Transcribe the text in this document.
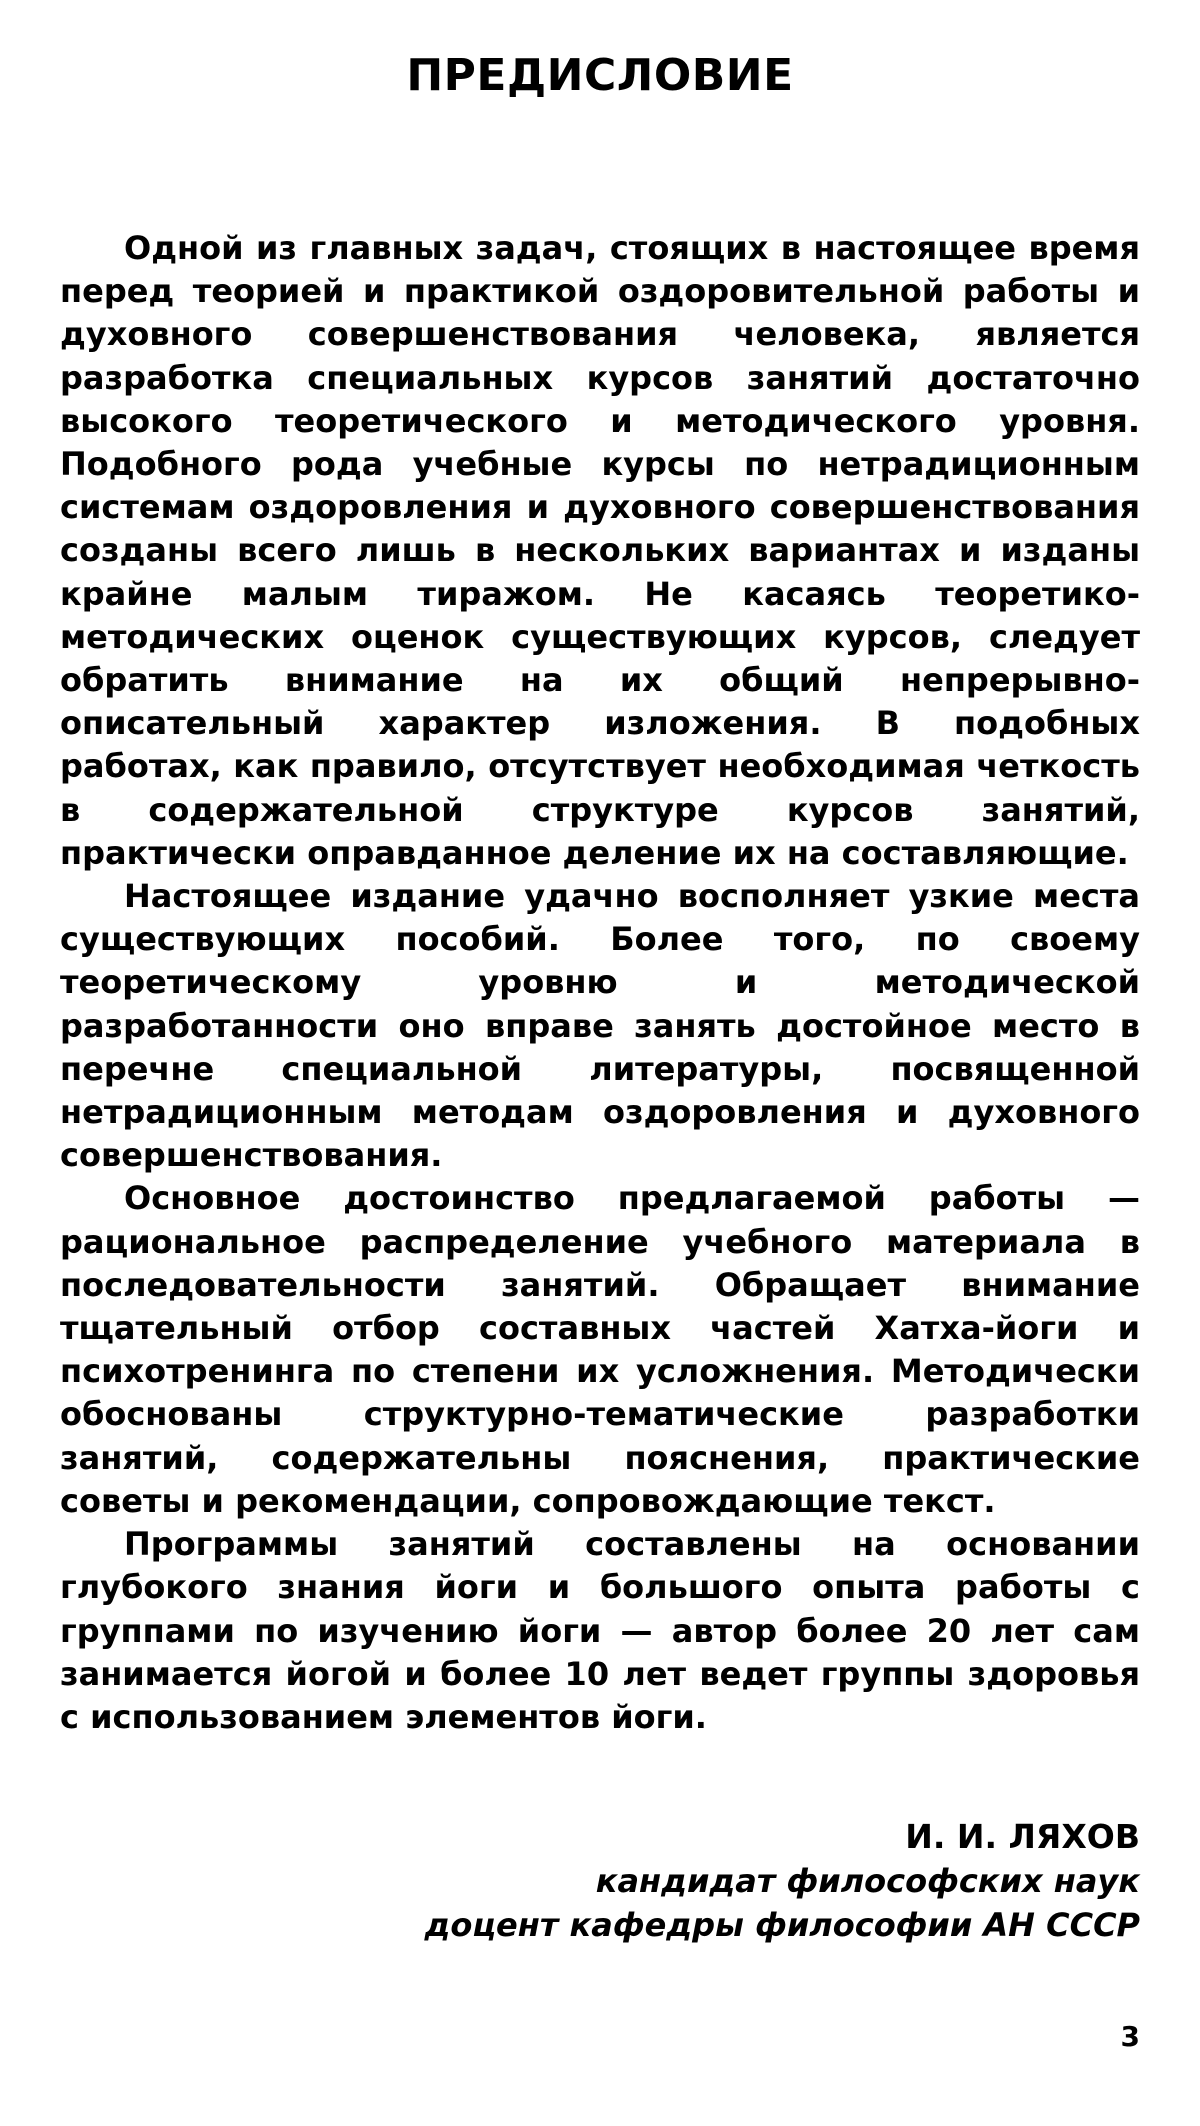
ПРЕДИСЛОВИЕ

Одной из главных задач, стоящих в настоящее время перед теорией и практикой оздоровительной работы и духовного совершенствования человека, является разработка специальных курсов занятий достаточно высокого теоретического и методического уровня. Подобного рода учебные курсы по нетрадиционным системам оздоровления и духовного совершенствования созданы всего лишь в нескольких вариантах и изданы крайне малым тиражом. Не касаясь теоретико-методических оценок существующих курсов, следует обратить внимание на их общий непрерывно-описательный характер изложения. В подобных работах, как правило, отсутствует необходимая четкость в содержательной структуре курсов занятий, практически оправданное деление их на составляющие.

Настоящее издание удачно восполняет узкие места существующих пособий. Более того, по своему теоретическому уровню и методической разработанности оно вправе занять достойное место в перечне специальной литературы, посвященной нетрадиционным методам оздоровления и духовного совершенствования.

Основное достоинство предлагаемой работы — рациональное распределение учебного материала в последовательности занятий. Обращает внимание тщательный отбор составных частей Хатха-йоги и психотренинга по степени их усложнения. Методически обоснованы структурно-тематические разработки занятий, содержательны пояснения, практические советы и рекомендации, сопровождающие текст.

Программы занятий составлены на основании глубокого знания йоги и большого опыта работы с группами по изучению йоги — автор более 20 лет сам занимается йогой и более 10 лет ведет группы здоровья с использованием элементов йоги.

И. И. ЛЯХОВ
кандидат философских наук
доцент кафедры философии АН СССР
3
